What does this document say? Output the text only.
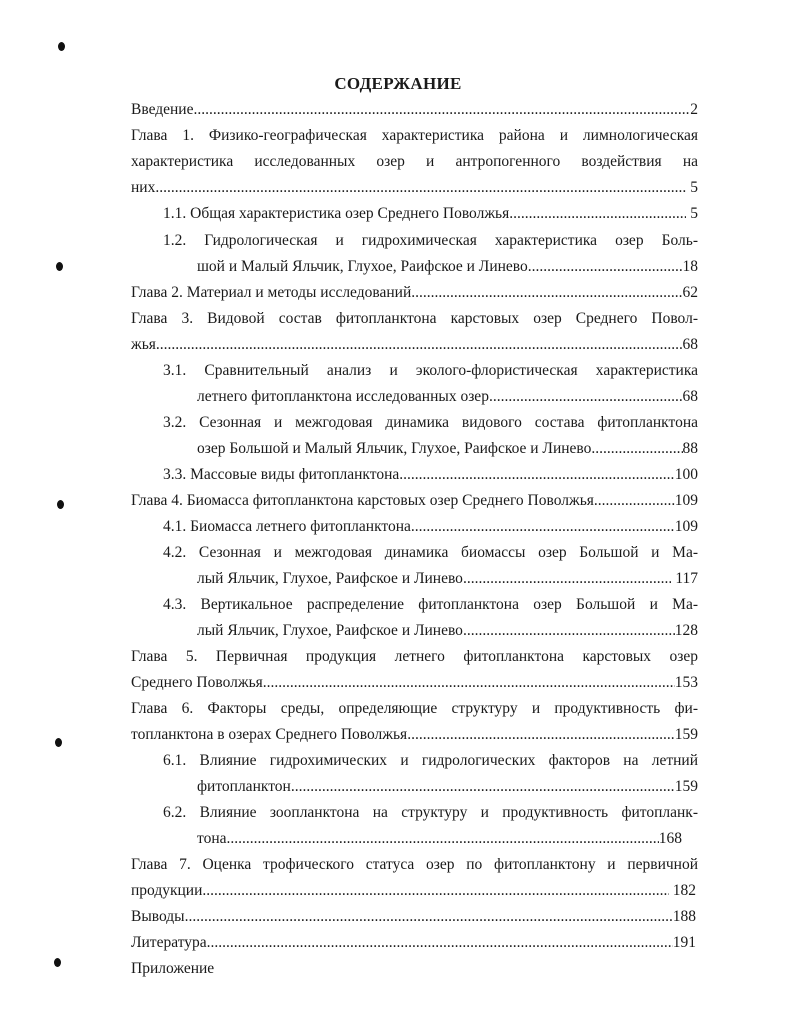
СОДЕРЖАНИЕ
Введение .....	2
Глава 1. Физико-географическая характеристика района и лимнологическая
характеристика исследованных озер и антропогенного воздействия на
них .....	5
1.1. Общая характеристика озер Среднего Поволжья .....	5
1.2. Гидрологическая и гидрохимическая характеристика озер Боль-
шой и Малый Яльчик, Глухое, Раифское и Линево .....	18
Глава 2. Материал и методы исследований .....	62
Глава 3. Видовой состав фитопланктона карстовых озер Среднего Повол-
жья .....	68
3.1. Сравнительный анализ и эколого-флористическая характеристика
летнего фитопланктона исследованных озер .....	68
3.2. Сезонная и межгодовая динамика видового состава фитопланктона
озер Большой и Малый Яльчик, Глухое, Раифское и Линево .....	88
3.3. Массовые виды фитопланктона .....	100
Глава 4. Биомасса фитопланктона карстовых озер Среднего Поволжья .....	109
4.1. Биомасса летнего фитопланктона .....	109
4.2. Сезонная и межгодовая динамика биомассы озер Большой и Ма-
лый Яльчик, Глухое, Раифское и Линево .....	117
4.3. Вертикальное распределение фитопланктона озер Большой и Ма-
лый Яльчик, Глухое, Раифское и Линево .....	128
Глава 5. Первичная продукция летнего фитопланктона карстовых озер
Среднего Поволжья .....	153
Глава 6. Факторы среды, определяющие структуру и продуктивность фи-
топланктона в озерах Среднего Поволжья .....	159
6.1. Влияние гидрохимических и гидрологических факторов на летний
фитопланктон .....	159
6.2. Влияние зоопланктона на структуру и продуктивность фитопланк-
тона .....	168
Глава 7. Оценка трофического статуса озер по фитопланктону и первичной
продукции .....	182
Выводы .....	188
Литература .....	191
Приложение
